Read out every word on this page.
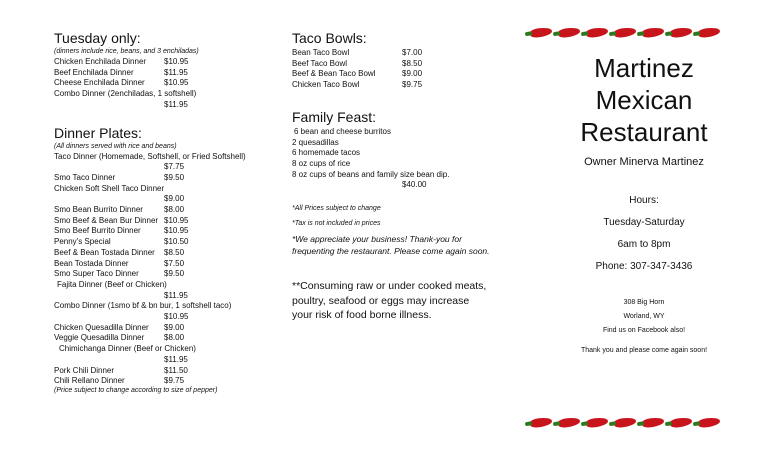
Tuesday only:
(dinners include rice, beans, and 3 enchiladas)
Chicken Enchilada Dinner	$10.95
Beef Enchilada Dinner	$11.95
Cheese Enchilada Dinner	$10.95
Combo Dinner (2enchiladas, 1 softshell)
$11.95
Dinner Plates:
(All dinners served with rice and beans)
Taco Dinner (Homemade, Softshell, or Fried Softshell)
$7.75
Smo Taco Dinner	$9.50
Chicken Soft Shell Taco Dinner
$9.00
Smo Bean Burrito Dinner	$8.00
Smo Beef & Bean Bur Dinner $10.95
Smo Beef Burrito Dinner	$10.95
Penny's Special	$10.50
Beef & Bean Tostada Dinner	$8.50
Bean Tostada Dinner	$7.50
Smo Super Taco Dinner	$9.50
Fajita Dinner (Beef or Chicken)
$11.95
Combo Dinner (1smo bf & bn bur, 1 softshell taco)
$10.95
Chicken Quesadilla Dinner	$9.00
Veggie Quesadilla Dinner	$8.00
Chimichanga Dinner (Beef or Chicken)
$11.95
Pork Chili Dinner	$11.50
Chili Rellano Dinner	$9.75
(Price subject to change according to size of pepper)
Taco Bowls:
Bean Taco Bowl	$7.00
Beef Taco Bowl	$8.50
Beef & Bean Taco Bowl	$9.00
Chicken Taco Bowl	$9.75
Family Feast:
6 bean and cheese burritos
2 quesadillas
6 homemade tacos
8 oz cups of rice
8 oz cups of beans and family size bean dip.
$40.00
*All Prices subject to change
*Tax is not included in prices
*We appreciate your business! Thank-you for
frequenting the restaurant. Please come again soon.
**Consuming raw or under cooked meats,
poultry, seafood or eggs may increase
your risk of food borne illness.
Martinez
Mexican
Restaurant
Owner Minerva Martinez
Hours:
Tuesday-Saturday
6am to 8pm
Phone: 307-347-3436
308 Big Horn
Worland, WY
Find us on Facebook also!
Thank you and please come again soon!
